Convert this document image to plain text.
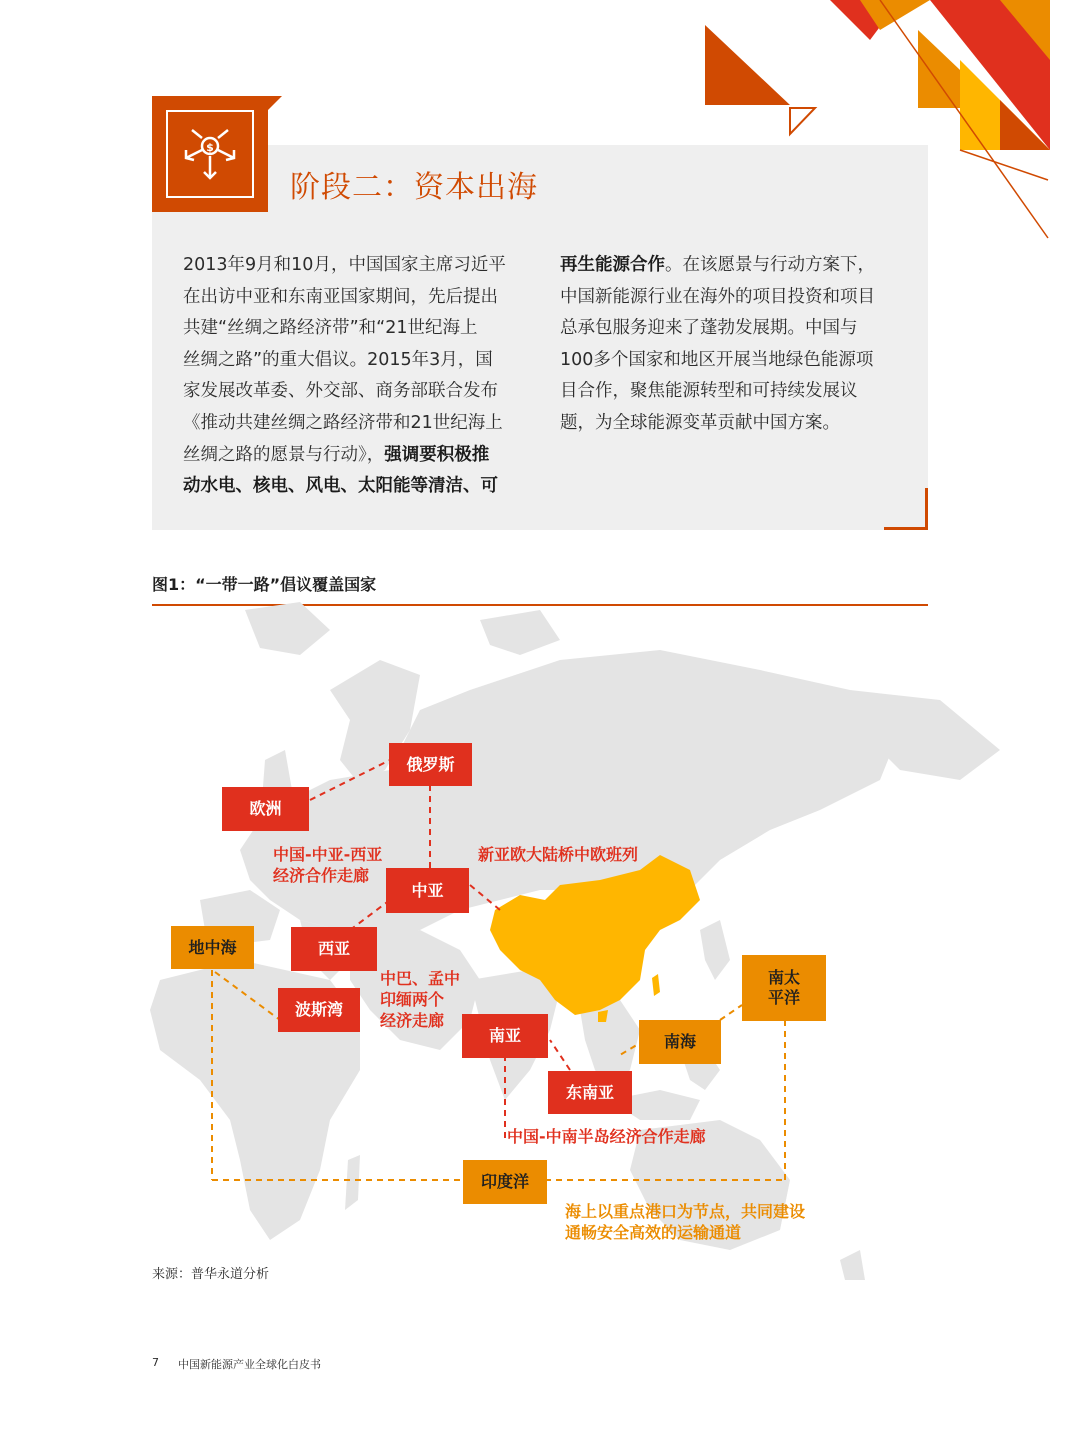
$
阶段二：资本出海
2013年9月和10月，中国国家主席习近平
在出访中亚和东南亚国家期间，先后提出
共建“丝绸之路经济带”和“21世纪海上
丝绸之路”的重大倡议。2015年3月，国
家发展改革委、外交部、商务部联合发布
《推动共建丝绸之路经济带和21世纪海上
丝绸之路的愿景与行动》，强调要积极推
动水电、核电、风电、太阳能等清洁、可
再生能源合作。在该愿景与行动方案下，
中国新能源行业在海外的项目投资和项目
总承包服务迎来了蓬勃发展期。中国与
100多个国家和地区开展当地绿色能源项
目合作，聚焦能源转型和可持续发展议
题，为全球能源变革贡献中国方案。
图1：“一带一路”倡议覆盖国家
俄罗斯
欧洲
中亚
西亚
波斯湾
南亚
东南亚
地中海
南海
南太
平洋
印度洋
中国-中亚-西亚
经济合作走廊
新亚欧大陆桥中欧班列
中巴、孟中
印缅两个
经济走廊
中国-中南半岛经济合作走廊
海上以重点港口为节点，共同建设
通畅安全高效的运输通道
来源：普华永道分析
7 中国新能源产业全球化白皮书
